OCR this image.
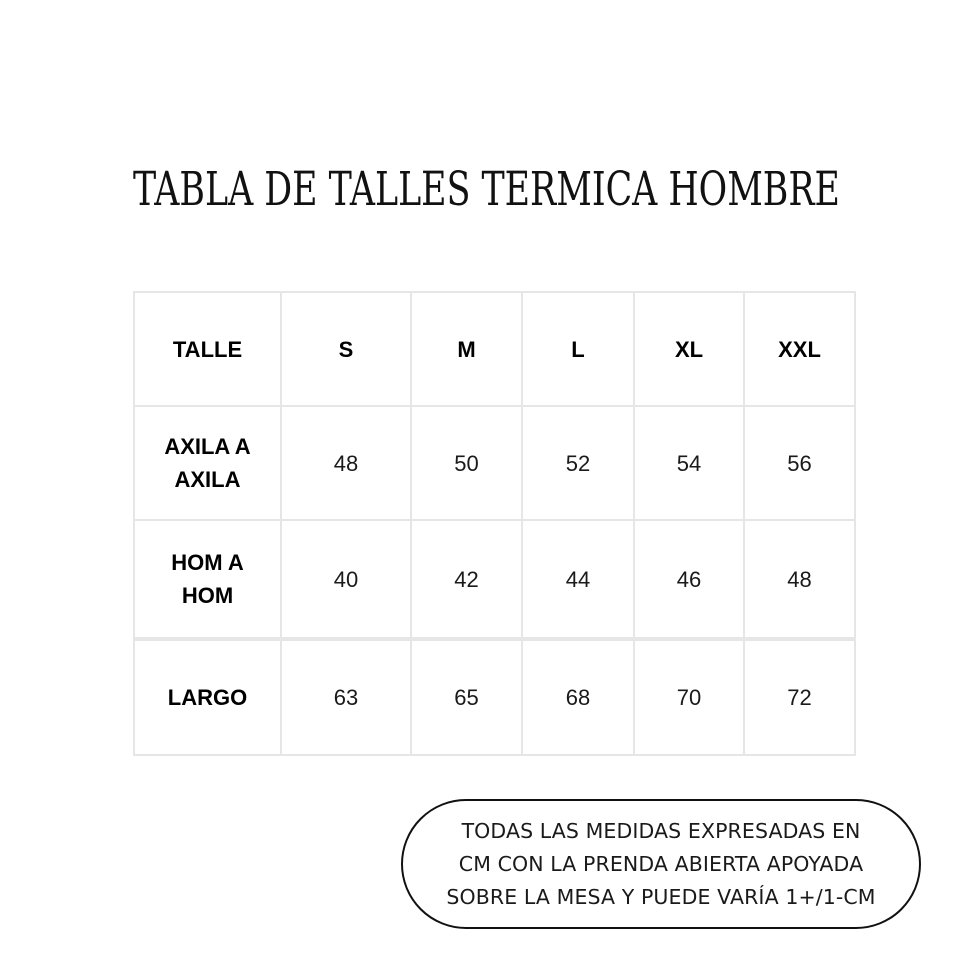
TABLA DE TALLES TERMICA HOMBRE
TALLE	S	M	L	XL	XXL
AXILA A
AXILA	48	50	52	54	56
HOM A
HOM	40	42	44	46	48
LARGO	63	65	68	70	72
TODAS LAS MEDIDAS EXPRESADAS EN
CM CON LA PRENDA ABIERTA APOYADA
SOBRE LA MESA Y PUEDE VARÍA 1+/1-CM
